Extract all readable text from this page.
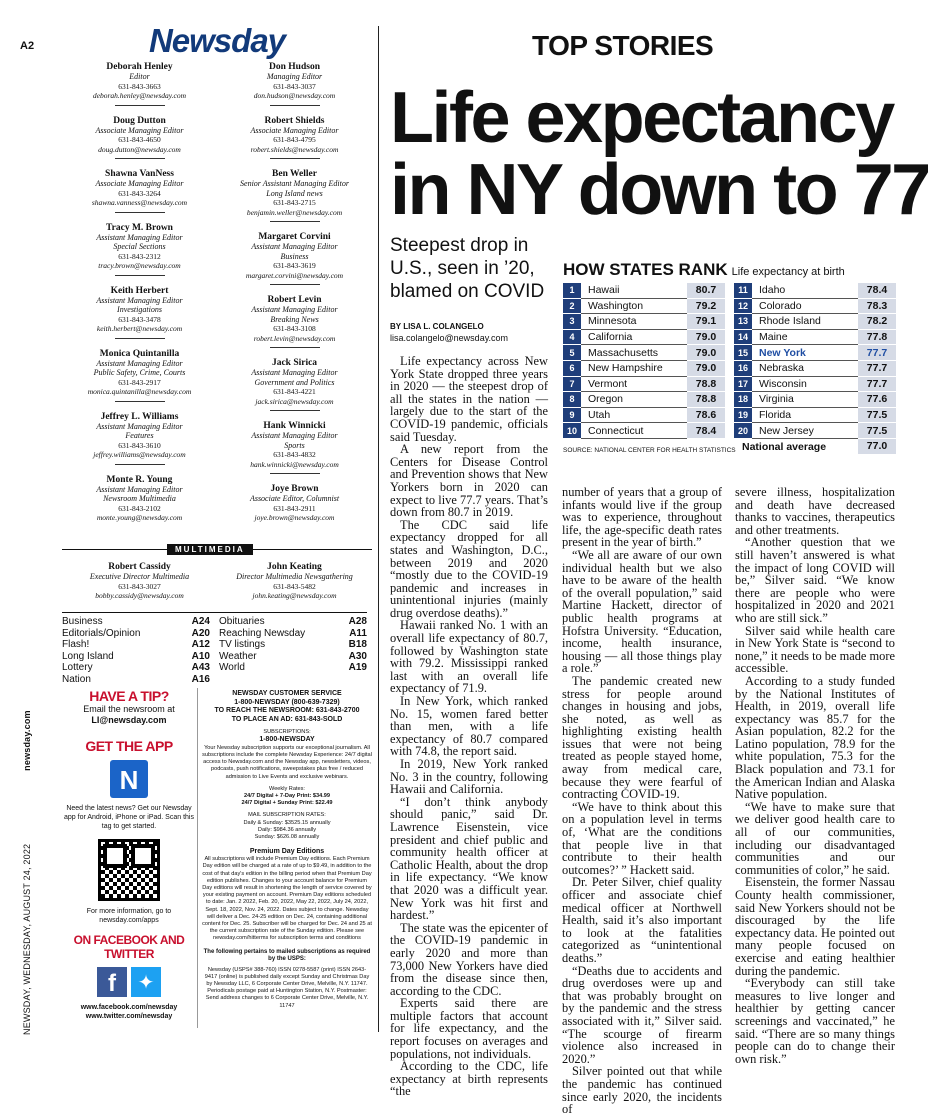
A2
NEWSDAY, WEDNESDAY, AUGUST 24, 2022                           newsday.com
Newsday
Deborah Henley
Editor
631-843-3663
deborah.henley@newsday.com
Doug Dutton
Associate Managing Editor
631-843-4650
doug.dutton@newsday.com
Shawna VanNess
Associate Managing Editor
631-843-3264
shawna.vanness@newsday.com
Tracy M. Brown
Assistant Managing Editor
Special Sections
631-843-2312
tracy.brown@newsday.com
Keith Herbert
Assistant Managing Editor
Investigations
631-843-3478
keith.herbert@newsday.com
Monica Quintanilla
Assistant Managing Editor
Public Safety, Crime, Courts
631-843-2917
monica.quintanilla@newsday.com
Jeffrey L. Williams
Assistant Managing Editor
Features
631-843-3610
jeffrey.williams@newsday.com
Monte R. Young
Assistant Managing Editor
Newsroom Multimedia
631-843-2102
monte.young@newsday.com
Don Hudson
Managing Editor
631-843-3037
don.hudson@newsday.com
Robert Shields
Associate Managing Editor
631-843-4795
robert.shields@newsday.com
Ben Weller
Senior Assistant Managing Editor
Long Island news
631-843-2715
benjamin.weller@newsday.com
Margaret Corvini
Assistant Managing Editor
Business
631-843-3619
margaret.corvini@newsday.com
Robert Levin
Assistant Managing Editor
Breaking News
631-843-3108
robert.levin@newsday.com
Jack Sirica
Assistant Managing Editor
Government and Politics
631-843-4221
jack.sirica@newsday.com
Hank Winnicki
Assistant Managing Editor
Sports
631-843-4832
hank.winnicki@newsday.com
Joye Brown
Associate Editor, Columnist
631-843-2911
joye.brown@newsday.com
MULTIMEDIA
Robert Cassidy
Executive Director Multimedia
631-843-3027
bobby.cassidy@newsday.com
John Keating
Director Multimedia Newsgathering
631-843-5482
john.keating@newsday.com
Business	A24
Editorials/Opinion	A20
Flash!	A12
Long Island	A10
Lottery	A43
Nation	A16
Obituaries	A28
Reaching Newsday	A11
TV listings	B18
Weather	A30
World	A19
HAVE A TIP?
Email the newsroom at
LI@newsday.com
GET THE APP
N
Need the latest news? Get our Newsday app for Android, iPhone or iPad. Scan this tag to get started.
For more information, go to newsday.com/apps
ON FACEBOOK AND TWITTER
f	✦
www.facebook.com/newsday
www.twitter.com/newsday
NEWSDAY CUSTOMER SERVICE
1-800-NEWSDAY (800-639-7329)
TO REACH THE NEWSROOM: 631-843-2700
TO PLACE AN AD: 631-843-SOLD
SUBSCRIPTIONS:
1-800-NEWSDAY
Your Newsday subscription supports our exceptional journalism. All subscriptions include the complete Newsday Experience: 24/7 digital access to Newsday.com and the Newsday app, newsletters, videos, podcasts, push notifications, sweepstakes plus free / reduced admission to Live Events and exclusive webinars.
Weekly Rates:
24/7 Digital + 7-Day Print: $34.99
24/7 Digital + Sunday Print: $22.49
MAIL SUBSCRIPTION RATES:
Daily & Sunday: $3525.15 annually
Daily: $984.36 annually
Sunday: $626.08 annually
Premium Day Editions
All subscriptions will include Premium Day editions. Each Premium Day edition will be charged at a rate of up to $9.49, in addition to the cost of that day's edition in the billing period when that Premium Day edition publishes. Changes to your account balance for Premium Day editions will result in shortening the length of service covered by your existing payment on account. Premium Day editions scheduled to date: Jan. 2 2022, Feb. 20, 2022, May 22, 2022, July 24, 2022, Sept. 18, 2022, Nov. 24, 2022. Dates subject to change. Newsday will deliver a Dec. 24-25 edition on Dec. 24, containing additional content for Dec. 25. Subscriber will be charged for Dec. 24 and 25 at the current subscription rate of the Sunday edition. Please see newsday.com/hitterms for subscription terms and conditions
The following pertains to mailed subscriptions as required by the USPS:
Newsday (USPS# 388-760) ISSN 0278-5587 (print) ISSN 2643-9417 (online) is published daily except Sunday and Christmas Day by Newsday LLC, 6 Corporate Center Drive, Melville, N.Y. 11747. Periodicals postage paid at Huntington Station, N.Y. Postmaster: Send address changes to 6 Corporate Center Drive, Melville, N.Y. 11747
TOP STORIES
Life expectancy in NY down to 77
Steepest drop in U.S., seen in ’20, blamed on COVID
BY LISA L. COLANGELO
lisa.colangelo@newsday.com
HOW STATES RANK Life expectancy at birth
1	Hawaii	80.7
2	Washington	79.2
3	Minnesota	79.1
4	California	79.0
5	Massachusetts	79.0
6	New Hampshire	79.0
7	Vermont	78.8
8	Oregon	78.8
9	Utah	78.6
10	Connecticut	78.4
11	Idaho	78.4
12	Colorado	78.3
13	Rhode Island	78.2
14	Maine	77.8
15	New York	77.7
16	Nebraska	77.7
17	Wisconsin	77.7
18	Virginia	77.6
19	Florida	77.5
20	New Jersey	77.5
National average	77.0
SOURCE: NATIONAL CENTER FOR HEALTH STATISTICS

Life expectancy across New York State dropped three years in 2020 — the steepest drop of all the states in the nation — largely due to the start of the COVID-19 pandemic, officials said Tuesday.

A new report from the Centers for Disease Control and Prevention shows that New Yorkers born in 2020 can expect to live 77.7 years. That’s down from 80.7 in 2019.

The CDC said life expectancy dropped for all states and Washington, D.C., between 2019 and 2020 “mostly due to the COVID-19 pandemic and increases in unintentional injuries (mainly drug overdose deaths).”

Hawaii ranked No. 1 with an overall life expectancy of 80.7, followed by Washington state with 79.2. Mississippi ranked last with an overall life expectancy of 71.9.

In New York, which ranked No. 15, women fared better than men, with a life expectancy of 80.7 compared with 74.8, the report said.

In 2019, New York ranked No. 3 in the country, following Hawaii and California.

“I don’t think anybody should panic,” said Dr. Lawrence Eisenstein, vice president and chief public and community health officer at Catholic Health, about the drop in life expectancy. “We know that 2020 was a difficult year. New York was hit first and hardest.”

The state was the epicenter of the COVID-19 pandemic in early 2020 and more than 73,000 New Yorkers have died from the disease since then, according to the CDC.

Experts said there are multiple factors that account for life expectancy, and the report focuses on averages and populations, not individuals.

According to the CDC, life expectancy at birth represents “the

number of years that a group of infants would live if the group was to experience, throughout life, the age-specific death rates present in the year of birth.”

“We all are aware of our own individual health but we also have to be aware of the health of the overall population,” said Martine Hackett, director of public health programs at Hofstra University. “Education, income, health insurance, housing — all those things play a role.”

The pandemic created new stress for people around changes in housing and jobs, she noted, as well as highlighting existing health issues that were not being treated as people stayed home, away from medical care, because they were fearful of contracting COVID-19.

“We have to think about this on a population level in terms of, ‘What are the conditions that people live in that contribute to their health outcomes?’ ” Hackett said.

Dr. Peter Silver, chief quality officer and associate chief medical officer at Northwell Health, said it’s also important to look at the fatalities categorized as “unintentional deaths.”

“Deaths due to accidents and drug overdoses were up and that was probably brought on by the pandemic and the stress associated with it,” Silver said. “The scourge of firearm violence also increased in 2020.”

Silver pointed out that while the pandemic has continued since early 2020, the incidents of

severe illness, hospitalization and death have decreased thanks to vaccines, therapeutics and other treatments.

“Another question that we still haven’t answered is what the impact of long COVID will be,” Silver said. “We know there are people who were hospitalized in 2020 and 2021 who are still sick.”

Silver said while health care in New York State is “second to none,” it needs to be made more accessible.

According to a study funded by the National Institutes of Health, in 2019, overall life expectancy was 85.7 for the Asian population, 82.2 for the Latino population, 78.9 for the white population, 75.3 for the Black population and 73.1 for the American Indian and Alaska Native population.

“We have to make sure that we deliver good health care to all of our communities, including our disadvantaged communities and our communities of color,” he said.

Eisenstein, the former Nassau County health commissioner, said New Yorkers should not be discouraged by the life expectancy data. He pointed out many people focused on exercise and eating healthier during the pandemic.

“Everybody can still take measures to live longer and healthier by getting cancer screenings and vaccinated,” he said. “There are so many things people can do to change their own risk.”
